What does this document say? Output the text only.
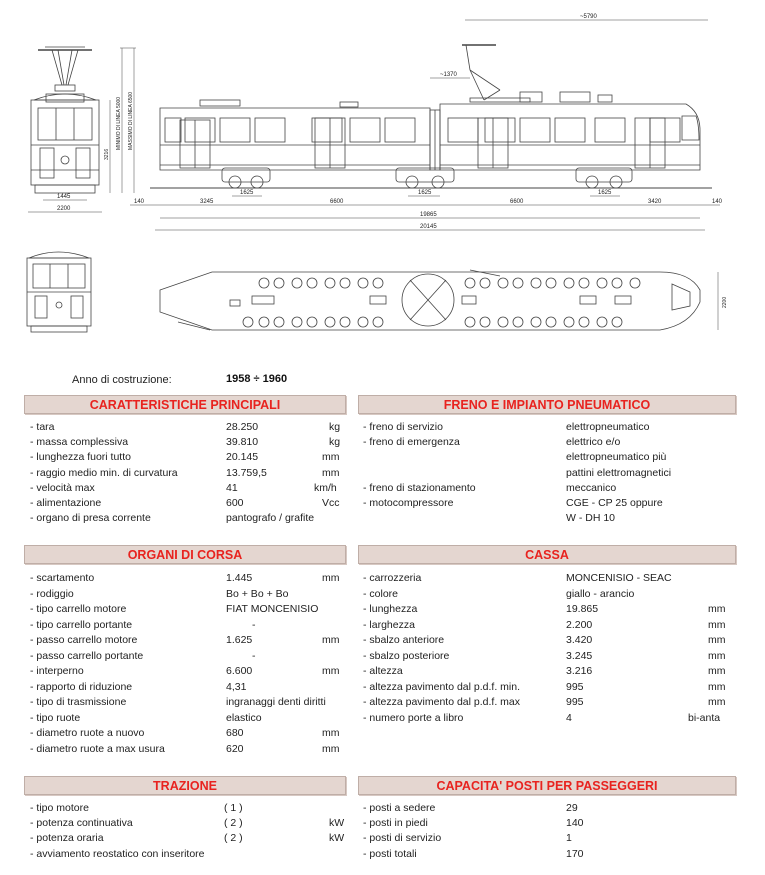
1445
2200
3216
MINIMO DI LINEA 5000 MASSIMO DI LINEA 6500
140	3245
1625
6600
1625
6600
1625
3420	140
19865
20145
~1370
~5790
2200
Anno di costruzione:	1958 ÷ 1960
CARATTERISTICHE PRINCIPALI
- tara	28.250	kg
- massa complessiva	39.810	kg
- lunghezza fuori tutto	20.145	mm
- raggio medio min. di curvatura	13.759,5	mm
- velocità max	41	km/h
- alimentazione	600	Vcc
- organo di presa corrente	pantografo / grafite
FRENO E IMPIANTO PNEUMATICO
- freno di servizio	elettropneumatico
- freno di emergenza	elettrico e/o
elettropneumatico più
pattini elettromagnetici
- freno di stazionamento	meccanico
- motocompressore	CGE - CP 25 oppure
W - DH 10
ORGANI DI CORSA
- scartamento	1.445	mm
- rodiggio	Bo + Bo + Bo
- tipo carrello motore	FIAT MONCENISIO
- tipo carrello portante	-
- passo carrello motore	1.625	mm
- passo carrello portante	-
- interperno	6.600	mm
- rapporto di riduzione	4,31
- tipo di trasmissione	ingranaggi denti diritti
- tipo ruote	elastico
- diametro ruote a nuovo	680	mm
- diametro ruote a max usura	620	mm
CASSA
- carrozzeria	MONCENISIO - SEAC
- colore	giallo - arancio
- lunghezza	19.865	mm
- larghezza	2.200	mm
- sbalzo anteriore	3.420	mm
- sbalzo posteriore	3.245	mm
- altezza	3.216	mm
- altezza pavimento dal p.d.f. min.	995	mm
- altezza pavimento dal p.d.f. max	995	mm
- numero porte a libro	4	bi-anta
TRAZIONE
- tipo motore	( 1 )
- potenza continuativa	( 2 )	kW
- potenza oraria	( 2 )	kW
- avviamento reostatico con inseritore
CAPACITA' POSTI PER PASSEGGERI
- posti a sedere	29
- posti in piedi	140
- posti di servizio	1
- posti totali	170
